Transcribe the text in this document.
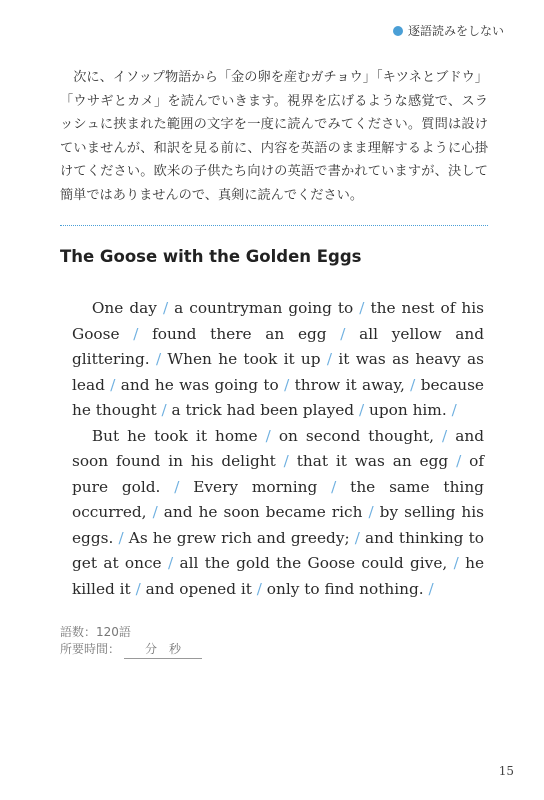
逐語読みをしない
次に、イソップ物語から「金の卵を産むガチョウ」「キツネとブドウ」「ウサギとカメ」を読んでいきます。視界を広げるような感覚で、スラッシュに挟まれた範囲の文字を一度に読んでみてください。質問は設けていませんが、和訳を見る前に、内容を英語のまま理解するように心掛けてください。欧米の子供たち向けの英語で書かれていますが、決して簡単ではありませんので、真剣に読んでください。
The Goose with the Golden Eggs

One day / a countryman going to / the nest of his Goose / found there an egg / all yellow and glittering. / When he took it up / it was as heavy as lead / and he was going to / throw it away, / because he thought / a trick had been played / upon him. /

But he took it home / on second thought, / and soon found in his delight / that it was an egg / of pure gold. / Every morning / the same thing occurred, / and he soon became rich / by selling his eggs. / As he grew rich and greedy; / and thinking to get at once / all the gold the Goose could give, / he killed it / and opened it / only to find nothing. /

語数：120語
所要時間：	分　秒
15
